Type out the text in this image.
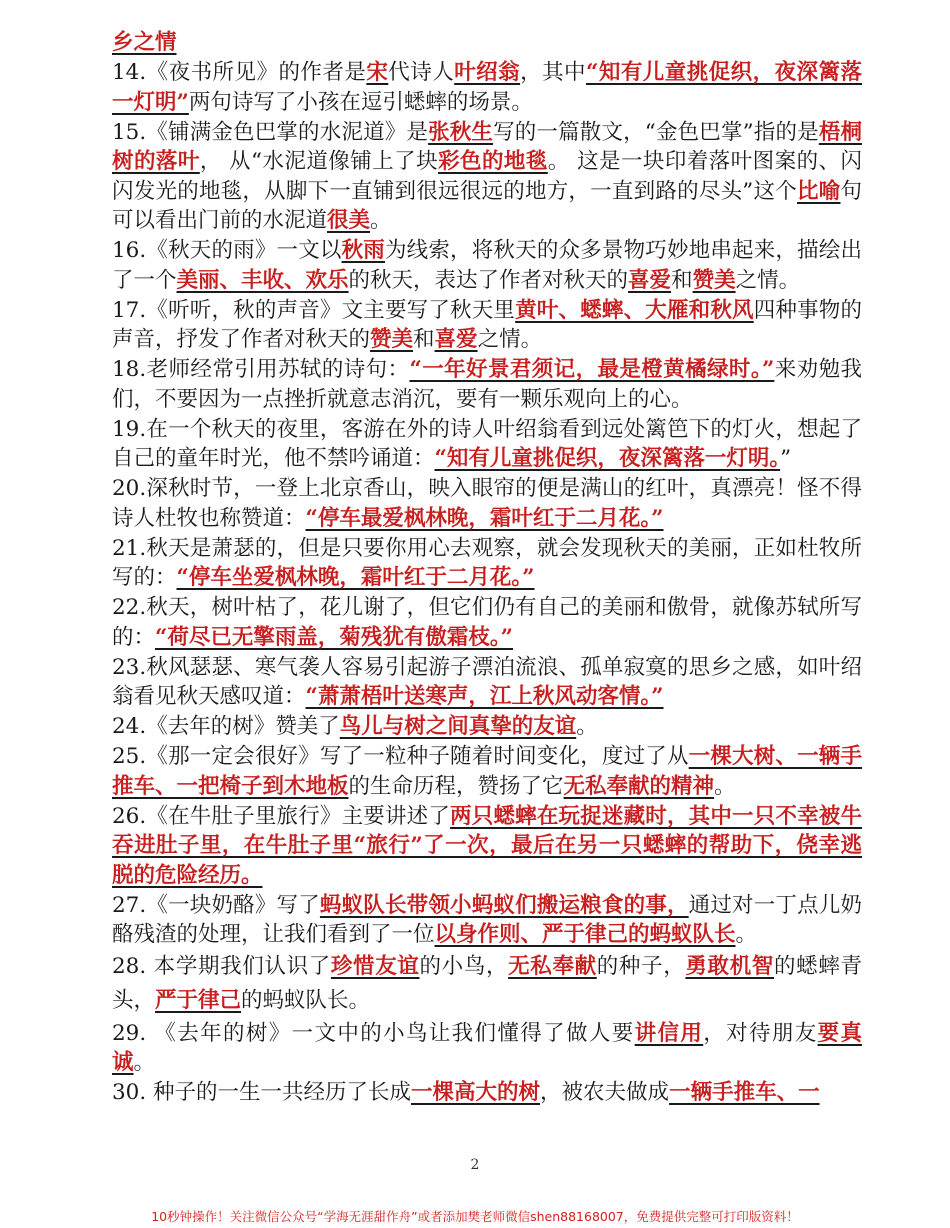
乡之情

14.《夜书所见》的作者是宋代诗人叶绍翁，其中“知有儿童挑促织，夜深篱落一灯明”两句诗写了小孩在逗引蟋蟀的场景。

15.《铺满金色巴掌的水泥道》是张秋生写的一篇散文，“金色巴掌”指的是梧桐树的落叶， 从“水泥道像铺上了块彩色的地毯。 这是一块印着落叶图案的、闪闪发光的地毯，从脚下一直铺到很远很远的地方，一直到路的尽头”这个比喻句可以看出门前的水泥道很美。

16.《秋天的雨》一文以秋雨为线索，将秋天的众多景物巧妙地串起来，描绘出了一个美丽、丰收、欢乐的秋天，表达了作者对秋天的喜爱和赞美之情。

17.《听听，秋的声音》文主要写了秋天里黄叶、蟋蟀、大雁和秋风四种事物的声音，抒发了作者对秋天的赞美和喜爱之情。

18.老师经常引用苏轼的诗句：“一年好景君须记，最是橙黄橘绿时。”来劝勉我们，不要因为一点挫折就意志消沉，要有一颗乐观向上的心。

19.在一个秋天的夜里，客游在外的诗人叶绍翁看到远处篱笆下的灯火，想起了自己的童年时光，他不禁吟诵道：“知有儿童挑促织，夜深篱落一灯明。”

20.深秋时节，一登上北京香山，映入眼帘的便是满山的红叶，真漂亮！怪不得诗人杜牧也称赞道：“停车最爱枫林晚，霜叶红于二月花。”

21.秋天是萧瑟的，但是只要你用心去观察，就会发现秋天的美丽，正如杜牧所写的：“停车坐爱枫林晚，霜叶红于二月花。”

22.秋天，树叶枯了，花儿谢了，但它们仍有自己的美丽和傲骨，就像苏轼所写的：“荷尽已无擎雨盖，菊残犹有傲霜枝。”

23.秋风瑟瑟、寒气袭人容易引起游子漂泊流浪、孤单寂寞的思乡之感，如叶绍翁看见秋天感叹道：“萧萧梧叶送寒声，江上秋风动客情。”

24.《去年的树》赞美了鸟儿与树之间真挚的友谊。

25.《那一定会很好》写了一粒种子随着时间变化，度过了从一棵大树、一辆手推车、一把椅子到木地板的生命历程，赞扬了它无私奉献的精神。

26.《在牛肚子里旅行》主要讲述了两只蟋蟀在玩捉迷藏时，其中一只不幸被牛吞进肚子里，在牛肚子里“旅行”了一次，最后在另一只蟋蟀的帮助下，侥幸逃脱的危险经历。

27.《一块奶酪》写了蚂蚁队长带领小蚂蚁们搬运粮食的事，通过对一丁点儿奶酪残渣的处理，让我们看到了一位以身作则、严于律己的蚂蚁队长。

28. 本学期我们认识了珍惜友谊的小鸟，无私奉献的种子，勇敢机智的蟋蟀青头，严于律己的蚂蚁队长。

29. 《去年的树》一文中的小鸟让我们懂得了做人要讲信用，对待朋友要真诚。

30. 种子的一生一共经历了长成一棵高大的树，被农夫做成一辆手推车、一

2
10秒钟操作！关注微信公众号“学海无涯甜作舟”或者添加樊老师微信shen88168007，免费提供完整可打印版资料！
